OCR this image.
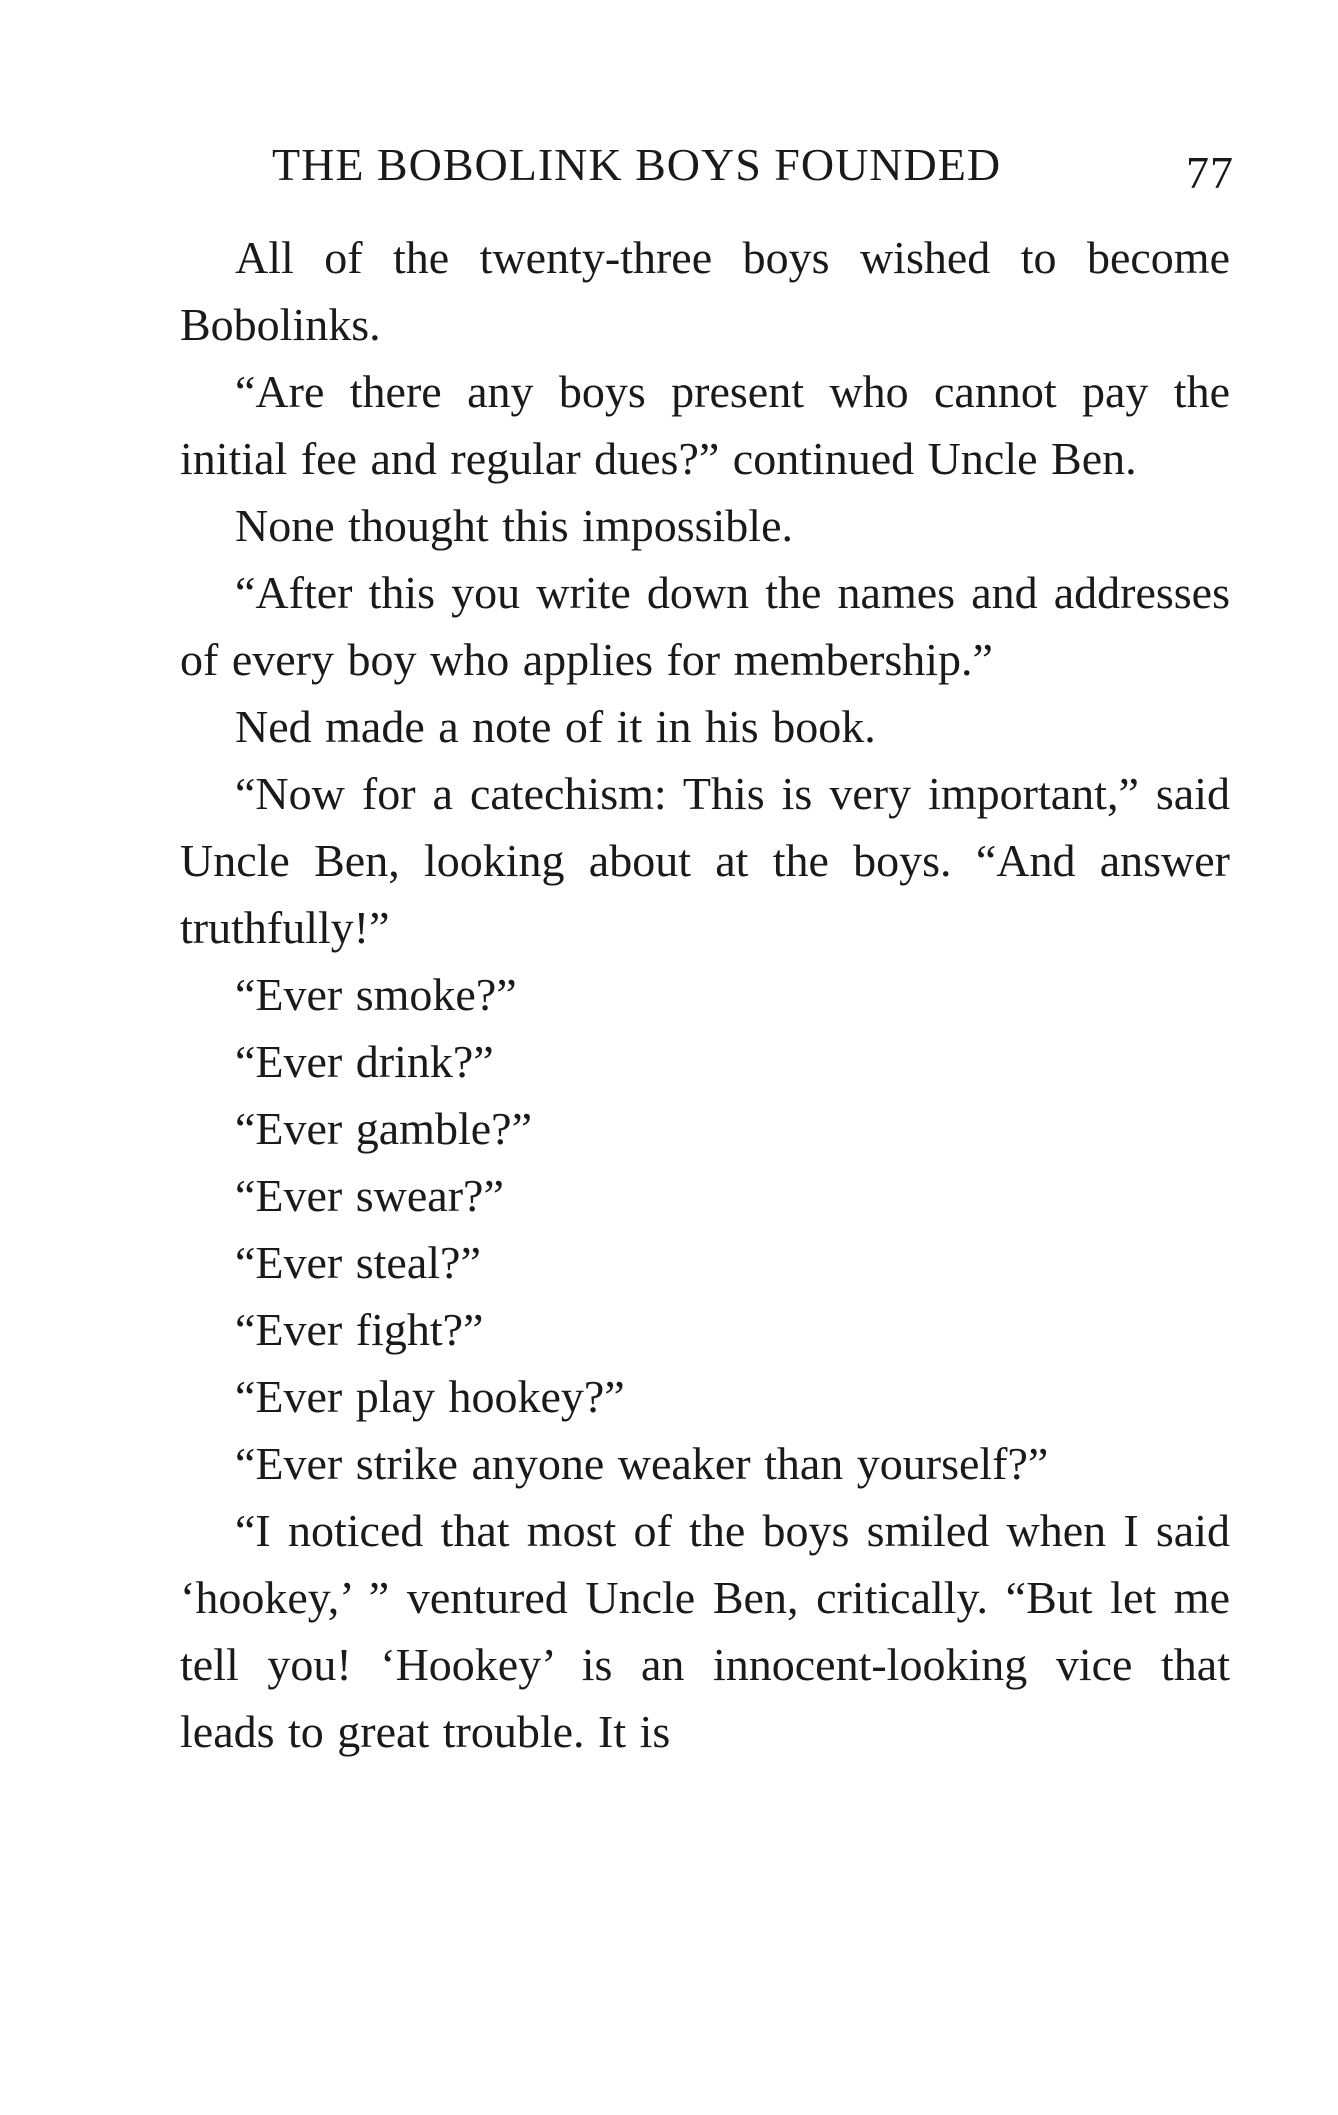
THE BOBOLINK BOYS FOUNDED	77

All of the twenty-three boys wished to become Bobolinks.

“Are there any boys present who cannot pay the initial fee and regular dues?” continued Uncle Ben.

None thought this impossible.

“After this you write down the names and addresses of every boy who applies for membership.”

Ned made a note of it in his book.

“Now for a catechism: This is very important,” said Uncle Ben, looking about at the boys. “And answer truthfully!”

“Ever smoke?”

“Ever drink?”

“Ever gamble?”

“Ever swear?”

“Ever steal?”

“Ever fight?”

“Ever play hookey?”

“Ever strike anyone weaker than yourself?”

“I noticed that most of the boys smiled when I said ‘hookey,’ ” ventured Uncle Ben, critically. “But let me tell you! ‘Hookey’ is an innocent-looking vice that leads to great trouble. It is
